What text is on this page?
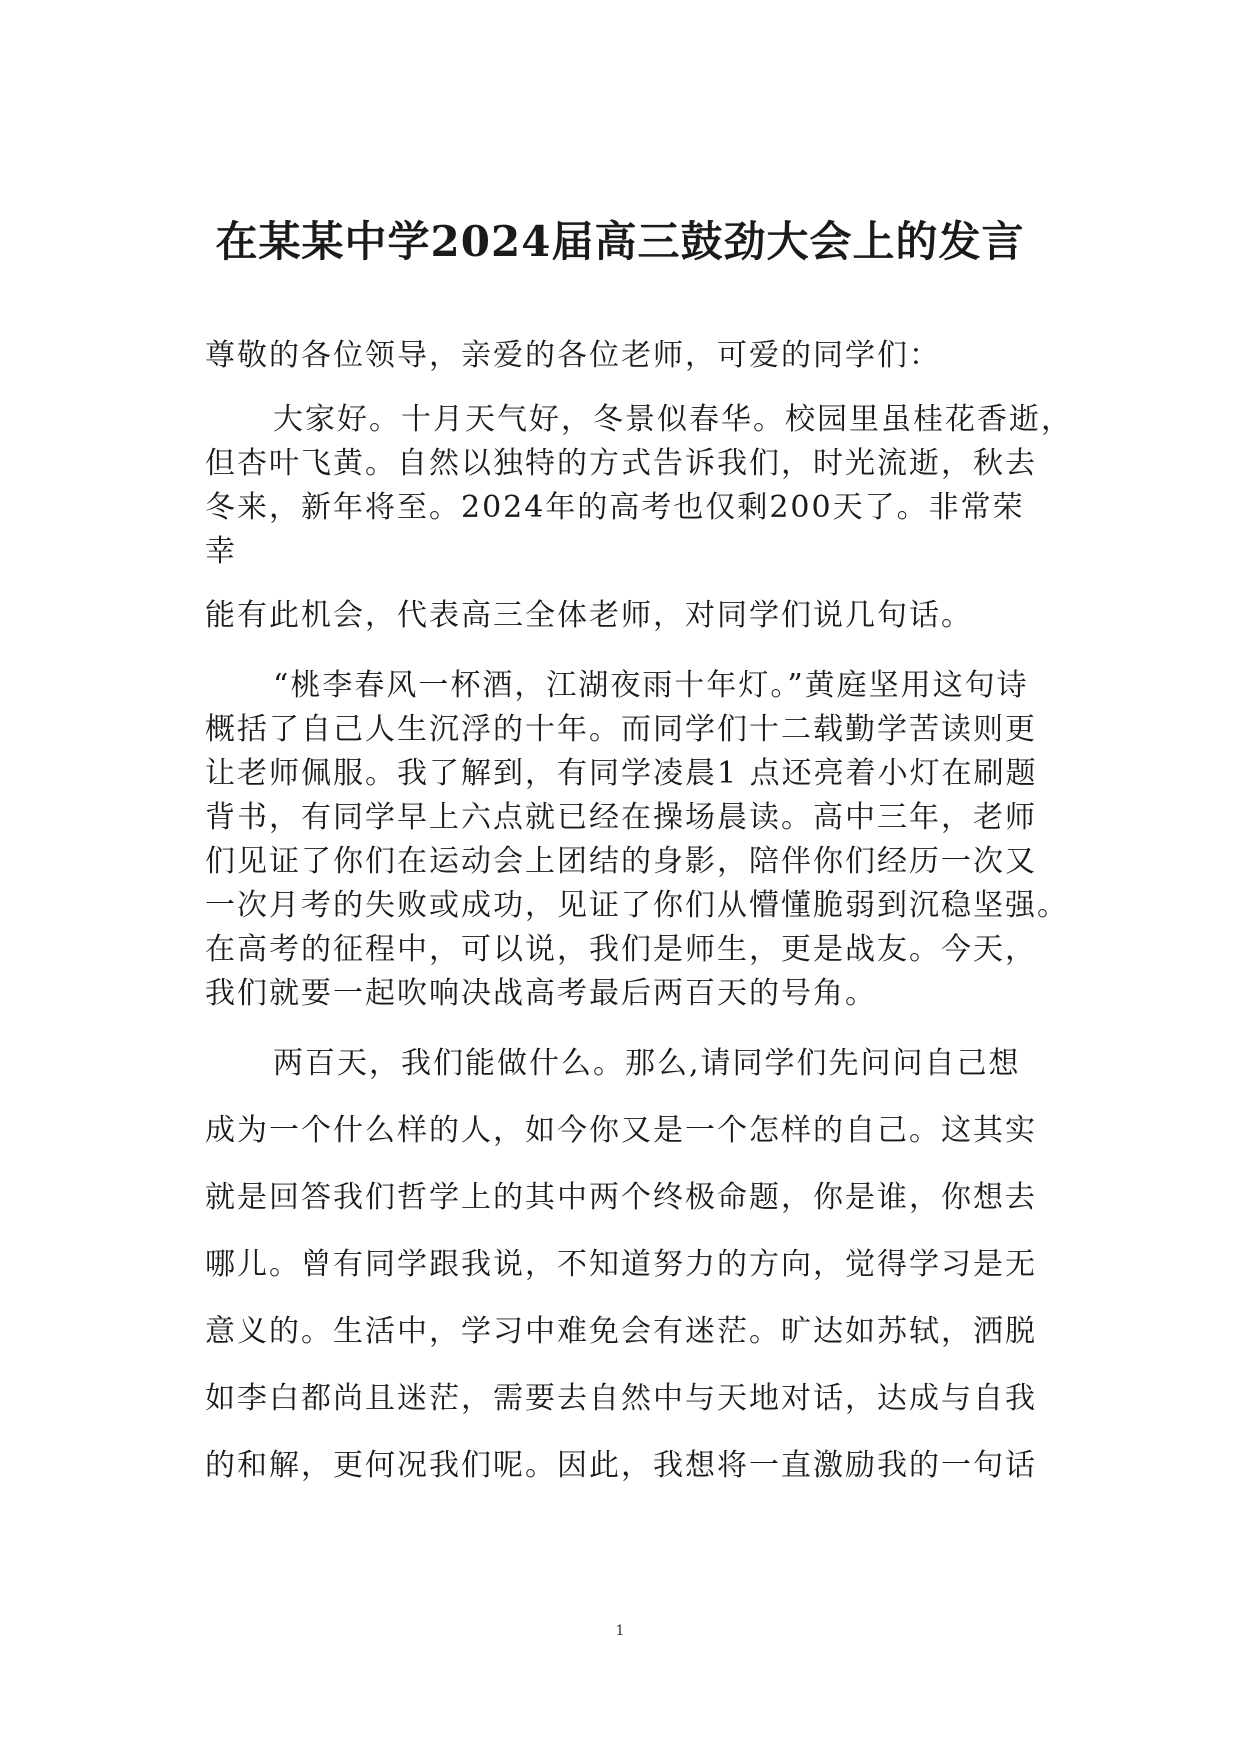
在某某中学2024届高三鼓劲大会上的发言
尊敬的各位领导，亲爱的各位老师，可爱的同学们：
大家好。十月天气好，冬景似春华。校园里虽桂花香逝，
但杏叶飞黄。自然以独特的方式告诉我们，时光流逝，秋去
冬来，新年将至。2024年的高考也仅剩200天了。非常荣
幸
能有此机会，代表高三全体老师，对同学们说几句话。
“桃李春风一杯酒，江湖夜雨十年灯。”黄庭坚用这句诗
概括了自己人生沉浮的十年。而同学们十二载勤学苦读则更
让老师佩服。我了解到，有同学凌晨1 点还亮着小灯在刷题
背书，有同学早上六点就已经在操场晨读。高中三年，老师
们见证了你们在运动会上团结的身影，陪伴你们经历一次又
一次月考的失败或成功，见证了你们从懵懂脆弱到沉稳坚强。
在高考的征程中，可以说，我们是师生，更是战友。今天，
我们就要一起吹响决战高考最后两百天的号角。
两百天，我们能做什么。那么,请同学们先问问自己想
成为一个什么样的人，如今你又是一个怎样的自己。这其实
就是回答我们哲学上的其中两个终极命题，你是谁，你想去
哪儿。曾有同学跟我说，不知道努力的方向，觉得学习是无
意义的。生活中，学习中难免会有迷茫。旷达如苏轼，洒脱
如李白都尚且迷茫，需要去自然中与天地对话，达成与自我
的和解，更何况我们呢。因此，我想将一直激励我的一句话
1
